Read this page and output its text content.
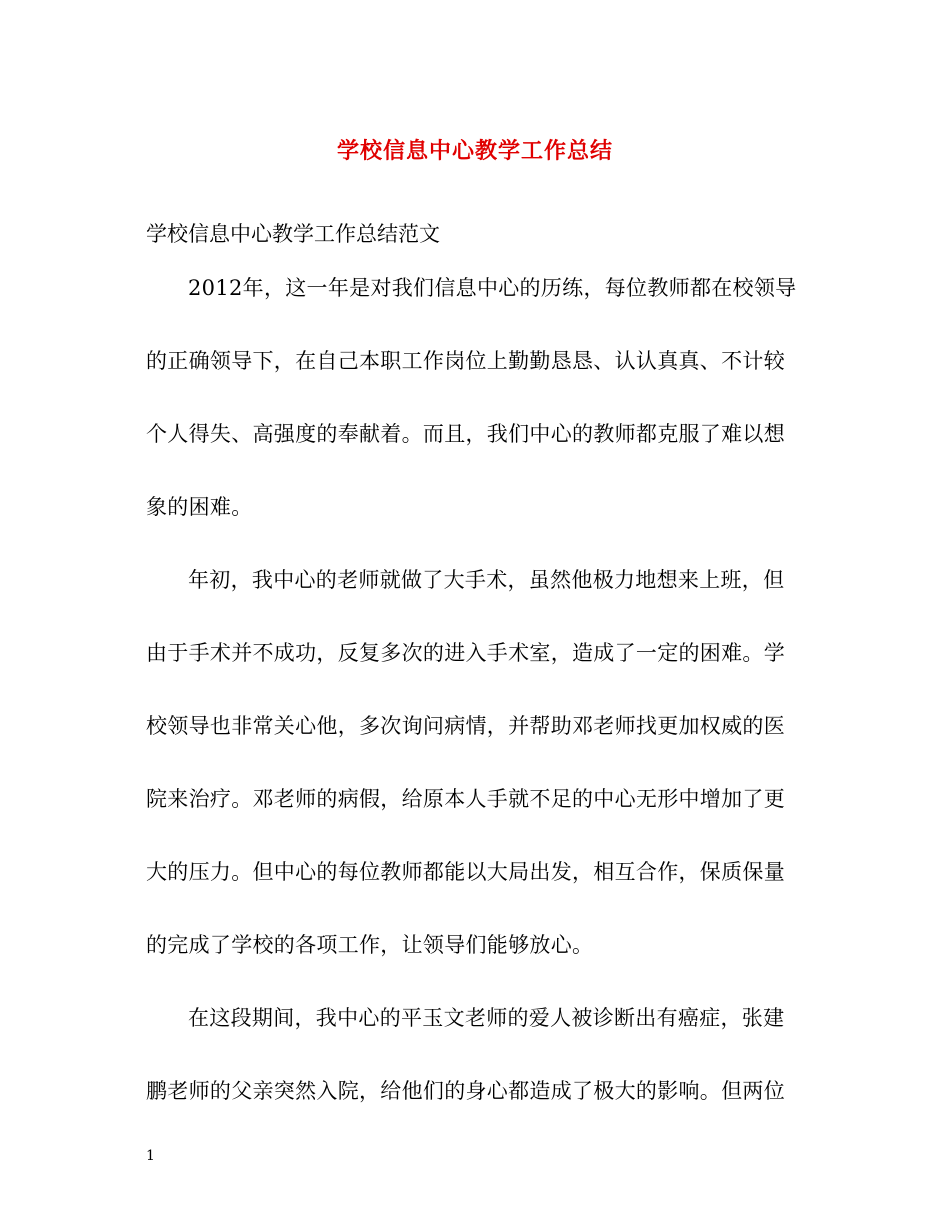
学校信息中心教学工作总结
学校信息中心教学工作总结范文
2012年，这一年是对我们信息中心的历练，每位教师都在校领导
的正确领导下，在自己本职工作岗位上勤勤恳恳、认认真真、不计较
个人得失、高强度的奉献着。而且，我们中心的教师都克服了难以想
象的困难。
年初，我中心的老师就做了大手术，虽然他极力地想来上班，但
由于手术并不成功，反复多次的进入手术室，造成了一定的困难。学
校领导也非常关心他，多次询问病情，并帮助邓老师找更加权威的医
院来治疗。邓老师的病假，给原本人手就不足的中心无形中增加了更
大的压力。但中心的每位教师都能以大局出发，相互合作，保质保量
的完成了学校的各项工作，让领导们能够放心。
在这段期间，我中心的平玉文老师的爱人被诊断出有癌症，张建
鹏老师的父亲突然入院，给他们的身心都造成了极大的影响。但两位
1
